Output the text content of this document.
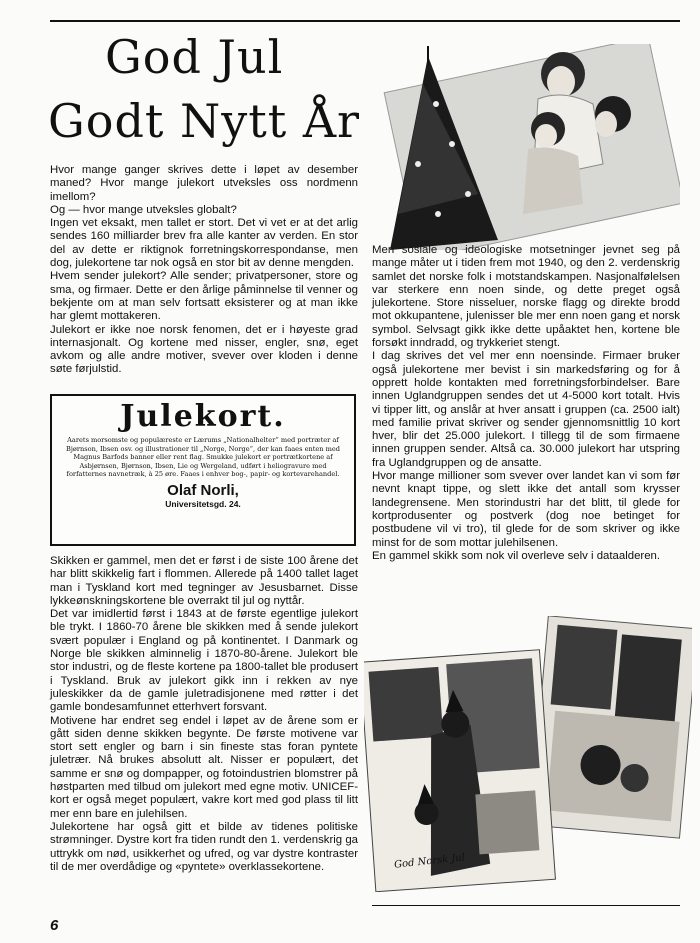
God Jul
Godt Nytt År

Hvor mange ganger skrives dette i løpet av desember maned? Hvor mange julekort utveksles oss nordmenn imellom?

Og — hvor mange utveksles globalt?

Ingen vet eksakt, men tallet er stort. Det vi vet er at det arlig sendes 160 milliarder brev fra alle kanter av verden. En stor del av dette er riktignok forretningskorrespondanse, men dog, julekortene tar nok også en stor bit av denne mengden.

Hvem sender julekort? Alle sender; privatpersoner, store og sma, og firmaer. Dette er den årlige påminnelse til venner og bekjente om at man selv fortsatt eksisterer og at man ikke har glemt mottakeren.

Julekort er ikke noe norsk fenomen, det er i høyeste grad internasjonalt. Og kortene med nisser, engler, snø, eget avkom og alle andre motiver, svever over kloden i denne søte førjulstid.

Julekort.
Aarets morsomste og populæreste er Lærums „Nationalhelter“ med portræter af Bjørnson, Ibsen osv. og illustrationer til „Norge, Norge“, der kan faaes enten med Magnus Barfods banner eller rent flag. Smukke julekort er portrætkortene af Asbjørnsen, Bjørnson, Ibsen, Lie og Wergeland, udført i heliogravure med forfatternes navnetræk, à 25 øre. Faaes i enhver bog-, papir- og kortevarehandel.
Olaf Norli,
Universitetsgd. 24.

Skikken er gammel, men det er først i de siste 100 årene det har blitt skikkelig fart i flommen. Allerede på 1400 tallet laget man i Tyskland kort med tegninger av Jesusbarnet. Disse lykkeønskningskortene ble overrakt til jul og nyttår.

Det var imidlertid først i 1843 at de første egentlige julekort ble trykt. I 1860-70 årene ble skikken med å sende julekort svært populær i England og på kontinentet. I Danmark og Norge ble skikken alminnelig i 1870-80-årene. Julekort ble stor industri, og de fleste kortene pa 1800-tallet ble produsert i Tyskland. Bruk av julekort gikk inn i rekken av nye juleskikker da de gamle juletradisjonene med røtter i det gamle bondesamfunnet etterhvert forsvant.

Motivene har endret seg endel i løpet av de årene som er gått siden denne skikken begynte. De første motivene var stort sett engler og barn i sin fineste stas foran pyntete juletrær. Nå brukes absolutt alt. Nisser er populært, det samme er snø og dompapper, og fotoindustrien blomstrer på høstparten med tilbud om julekort med egne motiv. UNICEF-kort er også meget populært, vakre kort med god plass til litt mer enn bare en julehilsen.

Julekortene har også gitt et bilde av tidenes politiske strømninger. Dystre kort fra tiden rundt den 1. verdenskrig ga uttrykk om nød, usikkerhet og ufred, og var dystre kontraster til de mer overdådige og «pyntete» overklassekortene.

Men sosiale og ideologiske motsetninger jevnet seg på mange måter ut i tiden frem mot 1940, og den 2. verdenskrig samlet det norske folk i motstandskampen. Nasjonalfølelsen var sterkere enn noen sinde, og dette preget også julekortene. Store nisseluer, norske flagg og direkte brodd mot okkupantene, julenisser ble mer enn noen gang et norsk symbol. Selvsagt gikk ikke dette upåaktet hen, kortene ble forsøkt inndradd, og trykkeriet stengt.

I dag skrives det vel mer enn noensinde. Firmaer bruker også julekortene mer bevist i sin markedsføring og for å opprett holde kontakten med forretningsforbindelser. Bare innen Uglandgruppen sendes det ut 4-5000 kort totalt. Hvis vi tipper litt, og anslår at hver ansatt i gruppen (ca. 2500 ialt) med familie privat skriver og sender gjennomsnittlig 10 kort hver, blir det 25.000 julekort. I tillegg til de som firmaene innen gruppen sender. Altså ca. 30.000 julekort har utspring fra Uglandgruppen og de ansatte.

Hvor mange millioner som svever over landet kan vi som før nevnt knapt tippe, og slett ikke det antall som krysser landegrensene. Men storindustri har det blitt, til glede for kortprodusenter og postverk (dog noe betinget for postbudene vil vi tro), til glede for de som skriver og ikke minst for de som mottar julehilsenen.

En gammel skikk som nok vil overleve selv i dataalderen.

God Norsk Jul
6
